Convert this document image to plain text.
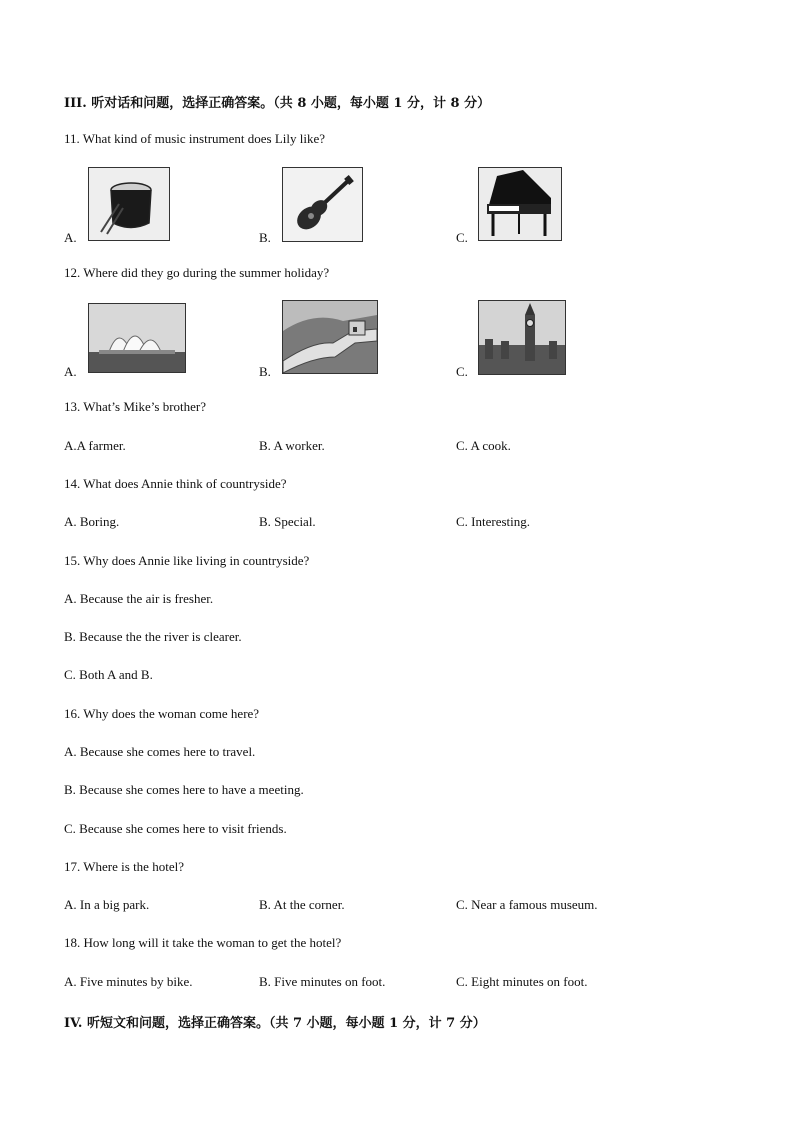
III. 听对话和问题，选择正确答案。（共 8 小题，每小题 1 分，计 8 分）
11. What kind of music instrument does Lily like?
A.	B.	C.
12. Where did they go during the summer holiday?
A.	B.	C.
13. What’s Mike’s brother?
A.A farmer.	B. A worker.	C. A cook.
14. What does Annie think of countryside?
A. Boring.	B. Special.	C. Interesting.
15. Why does Annie like living in countryside?
A. Because the air is fresher.
B. Because the the river is clearer.
C. Both A and B.
16. Why does the woman come here?
A. Because she comes here to travel.
B. Because she comes here to have a meeting.
C. Because she comes here to visit friends.
17. Where is the hotel?
A. In a big park.	B. At the corner.	C. Near a famous museum.
18. How long will it take the woman to get the hotel?
A. Five minutes by bike.	B. Five minutes on foot.	C. Eight minutes on foot.
IV. 听短文和问题，选择正确答案。（共 7 小题，每小题 1 分，计 7 分）
